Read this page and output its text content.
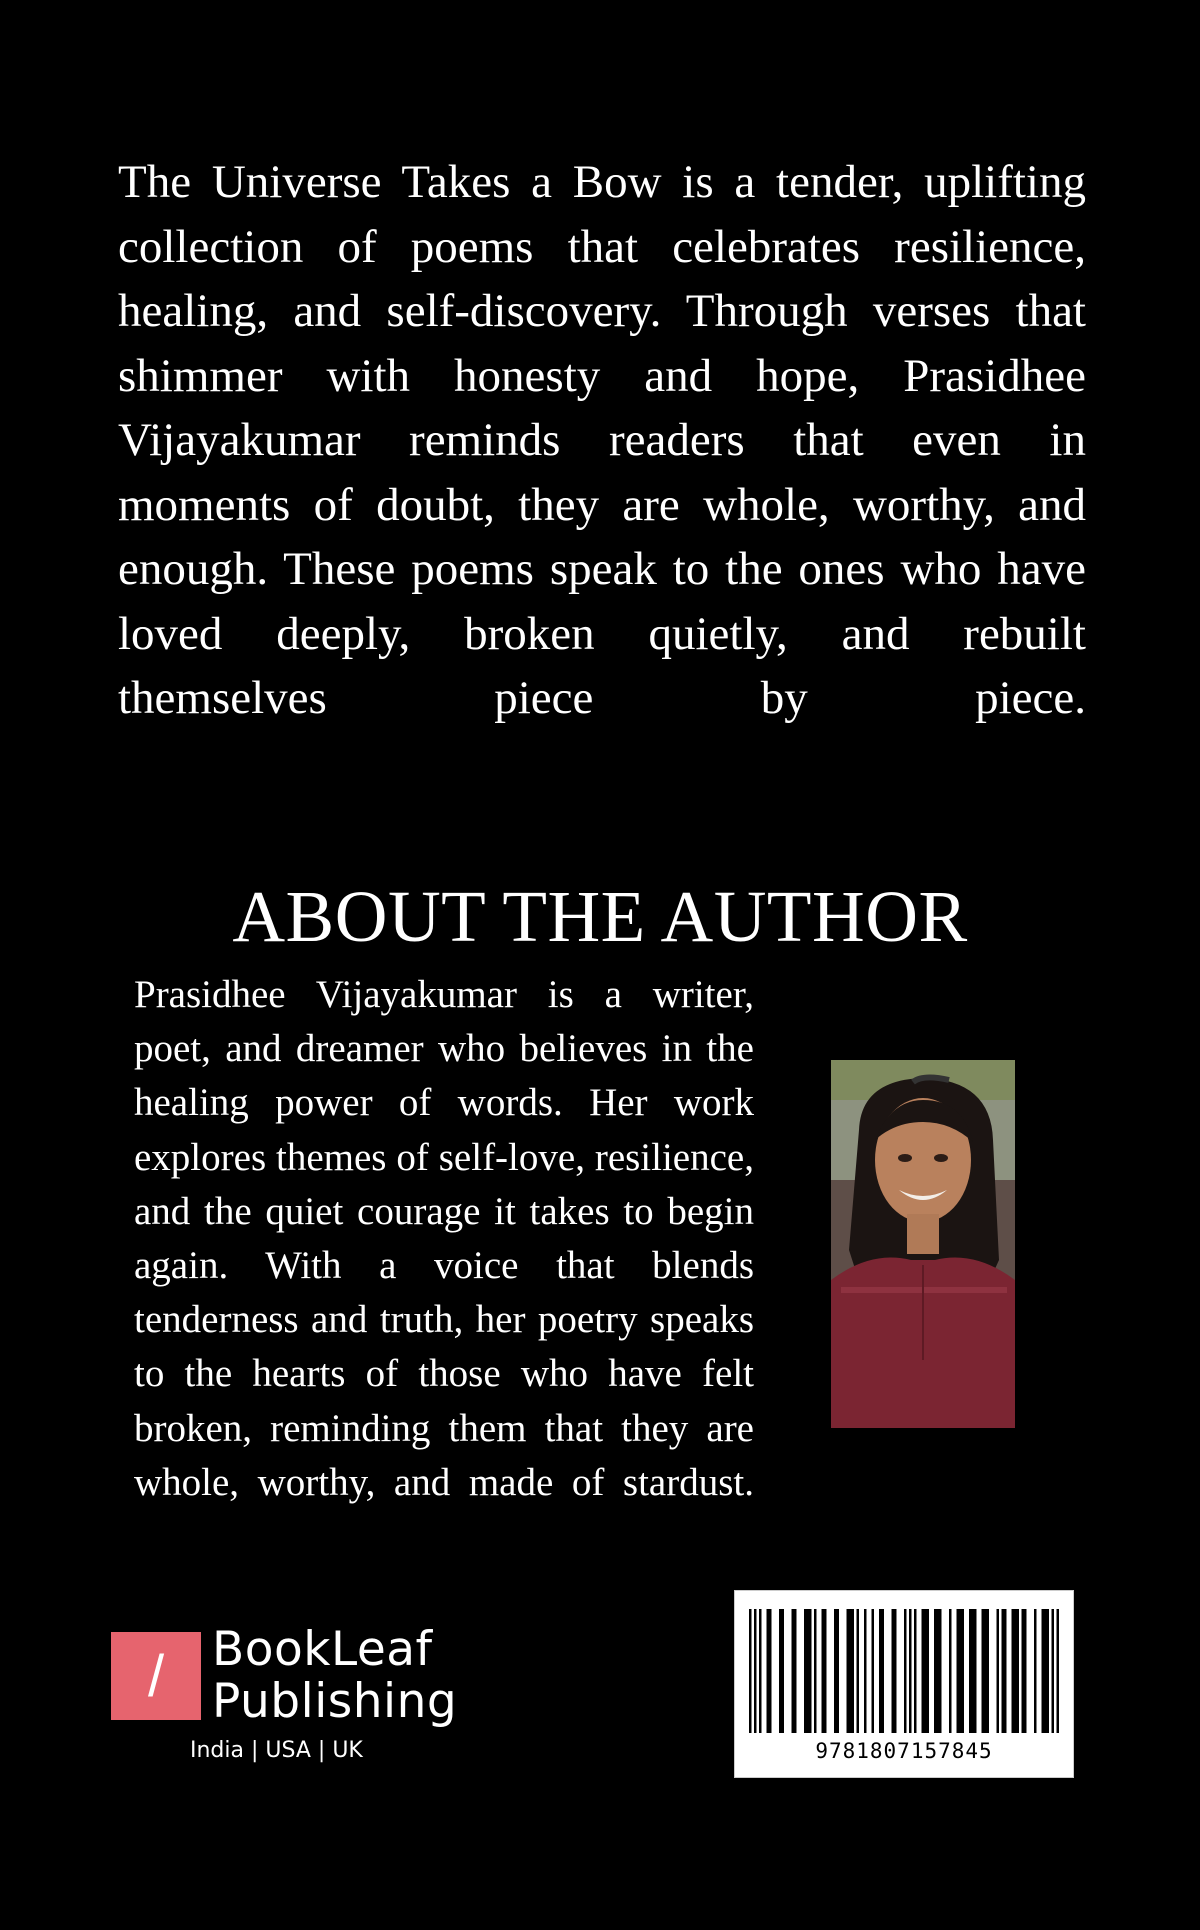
The Universe Takes a Bow is a tender, uplifting collection of poems that celebrates resilience, healing, and self-discovery. Through verses that shimmer with honesty and hope, Prasidhee Vijayakumar reminds readers that even in moments of doubt, they are whole, worthy, and enough. These poems speak to the ones who have loved deeply, broken quietly, and rebuilt themselves piece by piece.

ABOUT THE AUTHOR

Prasidhee Vijayakumar is a writer, poet, and dreamer who believes in the healing power of words. Her work explores themes of self-love, resilience, and the quiet courage it takes to begin again. With a voice that blends tenderness and truth, her poetry speaks to the hearts of those who have felt broken, reminding them that they are whole, worthy, and made of stardust.

/	BookLeaf
Publishing
India | USA | UK	9781807157845
